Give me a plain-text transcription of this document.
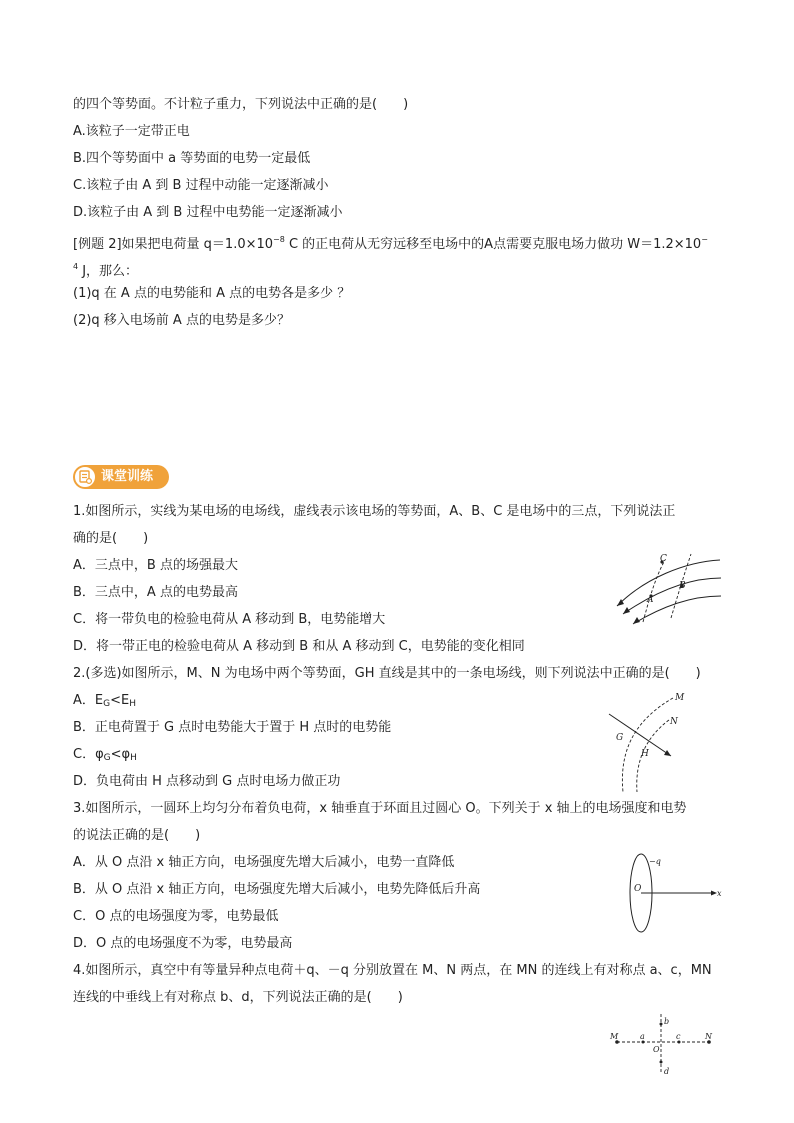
的四个等势面。不计粒子重力，下列说法中正确的是(　　)
A.该粒子一定带正电
B.四个等势面中 a 等势面的电势一定最低
C.该粒子由 A 到 B 过程中动能一定逐渐减小
D.该粒子由 A 到 B 过程中电势能一定逐渐减小
[例题 2]如果把电荷量 $q=1.0\times 10^{-8}$ C 的正电荷从无穷远移至电场中的A点需要克服电场力做功 W＝1.2×10−
$^4$ J，那么：
(1)q 在 A 点的电势能和 A 点的电势各是多少 ？
(2)q 移入电场前 A 点的电势是多少？
课堂训练
1.如图所示，实线为某电场的电场线，虚线表示该电场的等势面，A、B、C 是电场中的三点，下列说法正
确的是(　　)
A．三点中，B 点的场强最大
B．三点中，A 点的电势最高
C．将一带负电的检验电荷从 A 移动到 B，电势能增大
D．将一带正电的检验电荷从 A 移动到 B 和从 A 移动到 C，电势能的变化相同
A
B
C
2.(多选)如图所示，M、N 为电场中两个等势面，GH 直线是其中的一条电场线，则下列说法中正确的是(　　)
A．$E_G<E_H$
B．正电荷置于 G 点时电势能大于置于 H 点时的电势能
C．$\varphi_G<\varphi_H$
D．负电荷由 H 点移动到 G 点时电场力做正功
M
N
G
H
3.如图所示，一圆环上均匀分布着负电荷，x 轴垂直于环面且过圆心 O。下列关于 x 轴上的电场强度和电势
的说法正确的是(　　)
A．从 O 点沿 x 轴正方向，电场强度先增大后减小，电势一直降低
B．从 O 点沿 x 轴正方向，电场强度先增大后减小，电势先降低后升高
C．O 点的电场强度为零，电势最低
D．O 点的电场强度不为零，电势最高
−q
O	x
4.如图所示，真空中有等量异种点电荷＋q、－q 分别放置在 M、N 两点，在 MN 的连线上有对称点 a、c，MN
连线的中垂线上有对称点 b、d，下列说法正确的是(　　)
M	a
O
c	N
b
d
